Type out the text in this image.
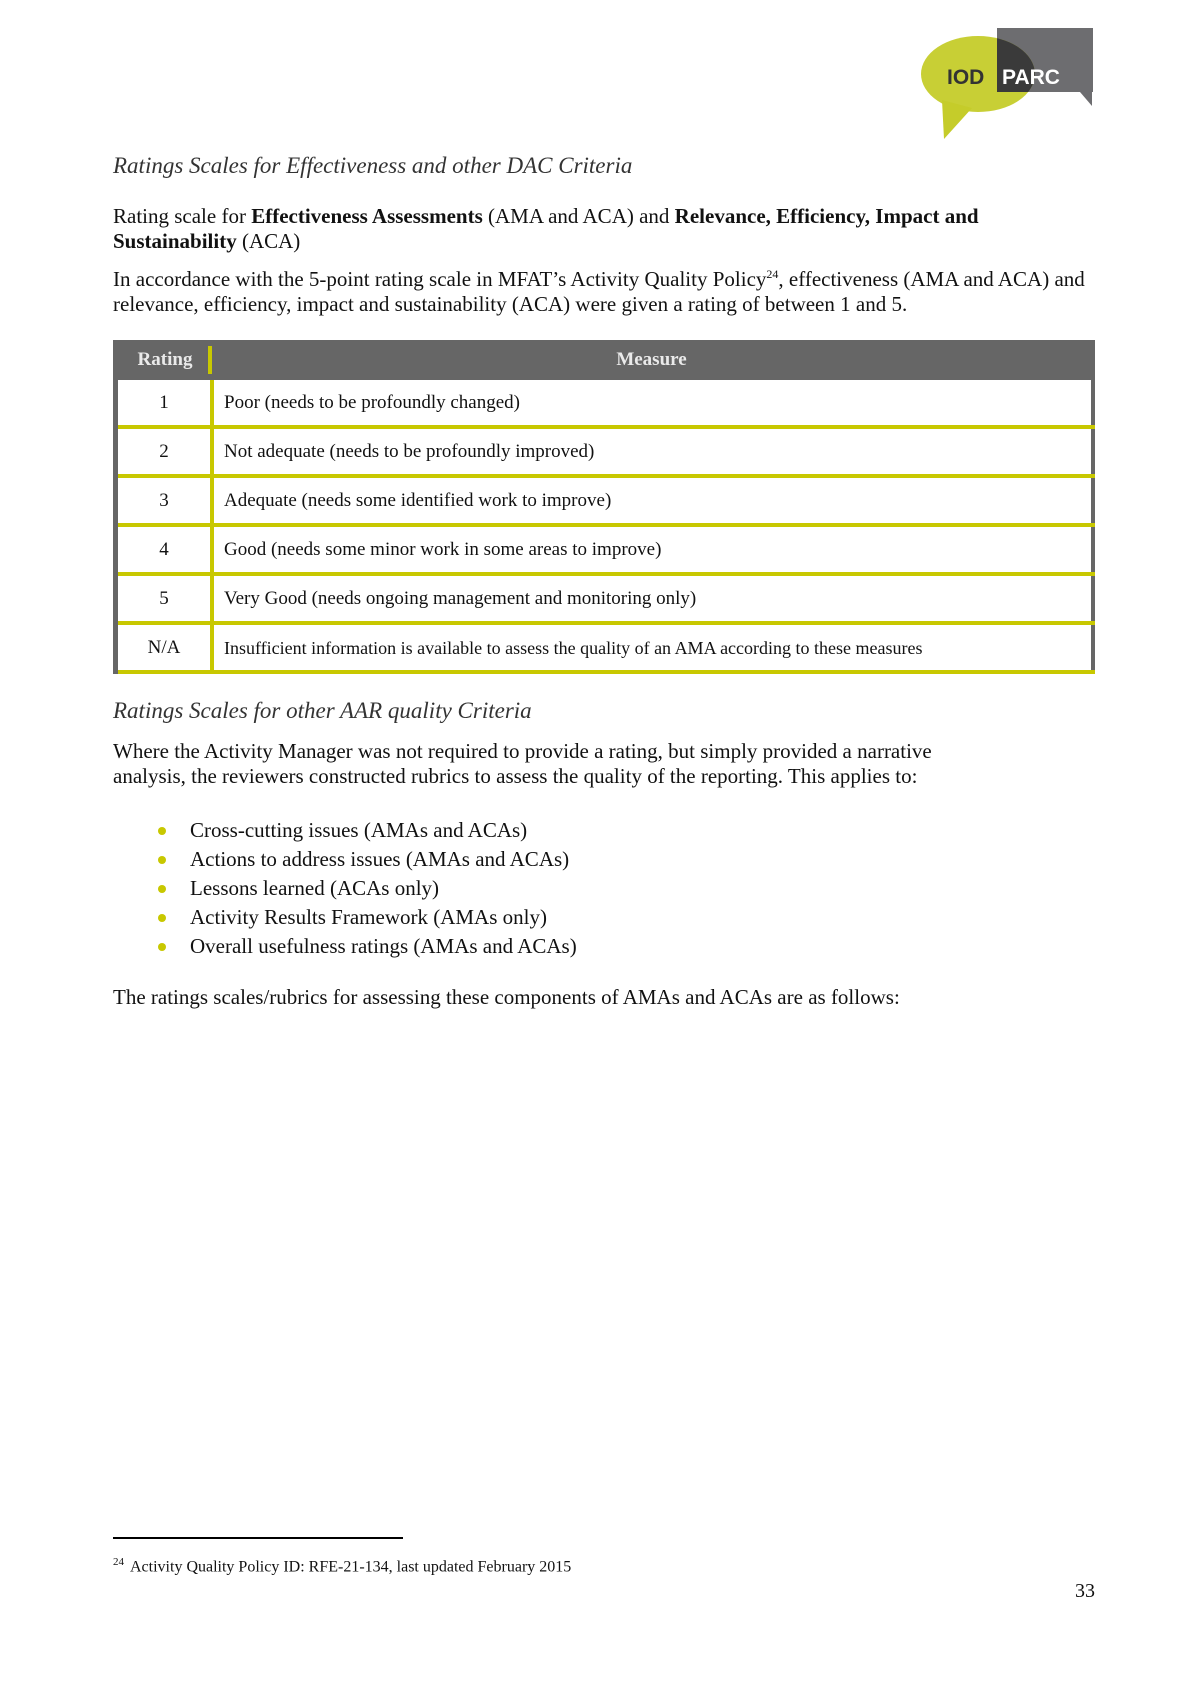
IOD PARC
Ratings Scales for Effectiveness and other DAC Criteria
Rating scale for Effectiveness Assessments (AMA and ACA) and Relevance, Efficiency, Impact and Sustainability (ACA)
In accordance with the 5-point rating scale in MFAT’s Activity Quality Policy$^{24}$, effectiveness (AMA and ACA) and relevance, efficiency, impact and sustainability (ACA) were given a rating of between 1 and 5.
Rating	Measure
1	Poor (needs to be profoundly changed)
2	Not adequate (needs to be profoundly improved)
3	Adequate (needs some identified work to improve)
4	Good (needs some minor work in some areas to improve)
5	Very Good (needs ongoing management and monitoring only)
N/A	Insufficient information is available to assess the quality of an AMA according to these measures
Ratings Scales for other AAR quality Criteria
Where the Activity Manager was not required to provide a rating, but simply provided a narrative analysis, the reviewers constructed rubrics to assess the quality of the reporting. This applies to:
Cross-cutting issues (AMAs and ACAs)
Actions to address issues (AMAs and ACAs)
Lessons learned (ACAs only)
Activity Results Framework (AMAs only)
Overall usefulness ratings (AMAs and ACAs)
The ratings scales/rubrics for assessing these components of AMAs and ACAs are as follows:
$^{24}$ Activity Quality Policy ID: RFE-21-134, last updated February 2015
33
